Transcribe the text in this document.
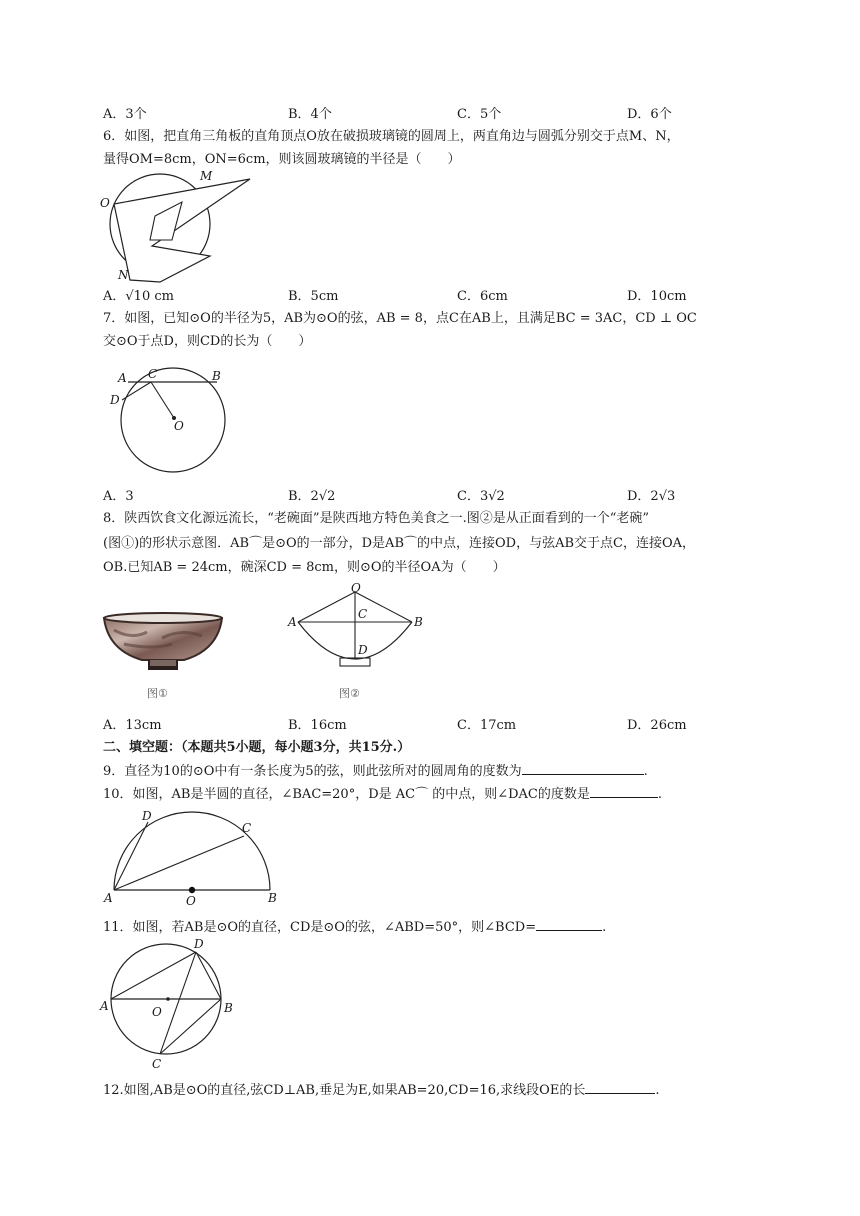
A．3个	B．4个	C．5个	D．6个
6．如图，把直角三角板的直角顶点O放在破损玻璃镜的圆周上，两直角边与圆弧分别交于点M、N，
量得OM=8cm，ON=6cm，则该圆玻璃镜的半径是（　　）
O
M
N
A．√10 cm	B．5cm	C．6cm	D．10cm
7．如图，已知⊙O的半径为5，AB为⊙O的弦，AB = 8，点C在AB上，且满足BC = 3AC，CD ⊥ OC
交⊙O于点D，则CD的长为（　　）
A C	B
D
O
A．3	B．2√2	C．3√2	D．2√3
8．陕西饮食文化源远流长，“老碗面”是陕西地方特色美食之一.图②是从正面看到的一个“老碗”
(图①)的形状示意图．AB⌒是⊙O的一部分，D是AB⌒的中点，连接OD，与弦AB交于点C，连接OA，
OB.已知AB = 24cm，碗深CD = 8cm，则⊙O的半径OA为（　　）
图①
O
A	B
C
D
图②
A．13cm	B．16cm	C．17cm	D．26cm
二、填空题：（本题共5小题，每小题3分，共15分.）
9．直径为10的⊙O中有一条长度为5的弦，则此弦所对的圆周角的度数为	.
10．如图，AB是半圆的直径，∠BAC=20°，D是 AC⌒ 的中点，则∠DAC的度数是	.
A	B
C
D
O
11．如图，若AB是⊙O的直径，CD是⊙O的弦，∠ABD=50°，则∠BCD=	.
A	B
C
D
O
12.如图,AB是⊙O的直径,弦CD⊥AB,垂足为E,如果AB=20,CD=16,求线段OE的长	.
